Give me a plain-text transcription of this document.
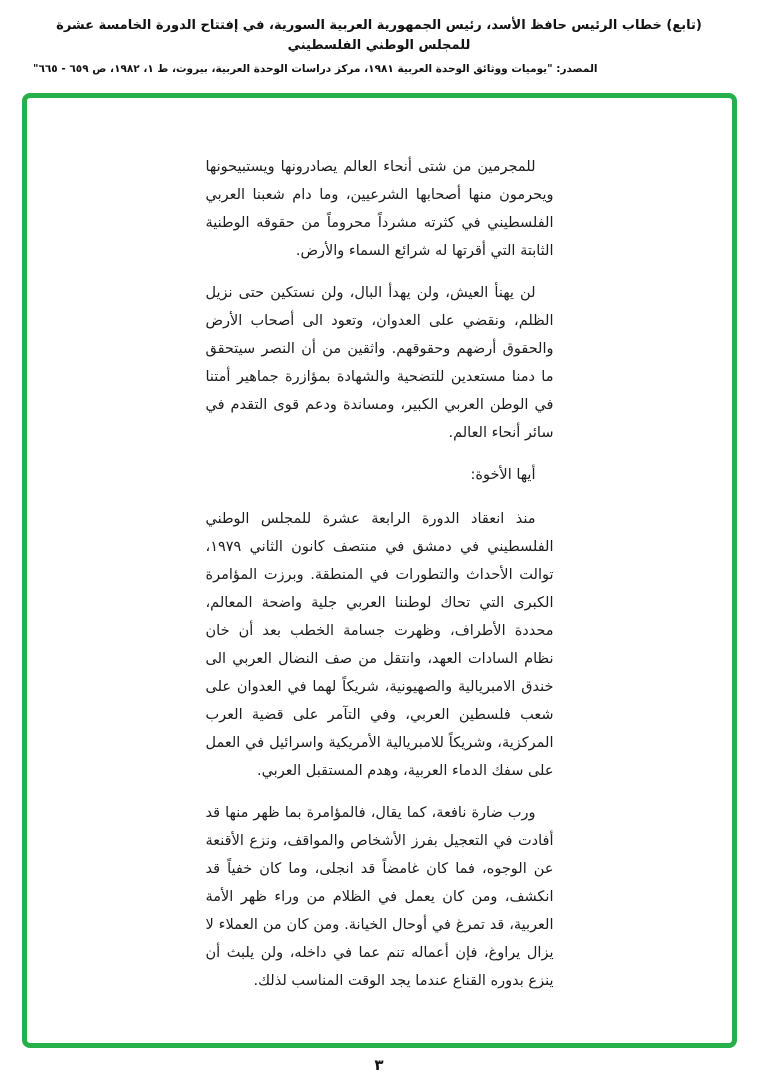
(تابع) خطاب الرئيس حافظ الأسد، رئيس الجمهورية العربية السورية، في إفتتاح الدورة الخامسة عشرة للمجلس الوطني الفلسطيني
المصدر: "يوميات ووثائق الوحدة العربية ١٩٨١، مركز دراسات الوحدة العربية، بيروت، ط ١، ١٩٨٢، ص ٦٥٩ - ٦٦٥"

للمجرمين من شتى أنحاء العالم يصادرونها ويستبيحونها ويحرمون منها أصحابها الشرعيين، وما دام شعبنا العربي الفلسطيني في كثرته مشرداً محروماً من حقوقه الوطنية الثابتة التي أقرتها له شرائع السماء والأرض.

لن يهنأ العيش، ولن يهدأ البال، ولن نستكين حتى نزيل الظلم، ونقضي على العدوان، وتعود الى أصحاب الأرض والحقوق أرضهم وحقوقهم. واثقين من أن النصر سيتحقق ما دمنا مستعدين للتضحية والشهادة بمؤازرة جماهير أمتنا في الوطن العربي الكبير، ومساندة ودعم قوى التقدم في سائر أنحاء العالم.

أيها الأخوة:

منذ انعقاد الدورة الرابعة عشرة للمجلس الوطني الفلسطيني في دمشق في منتصف كانون الثاني ١٩٧٩، توالت الأحداث والتطورات في المنطقة. وبرزت المؤامرة الكبرى التي تحاك لوطننا العربي جلية واضحة المعالم، محددة الأطراف، وظهرت جسامة الخطب بعد أن خان نظام السادات العهد، وانتقل من صف النضال العربي الى خندق الامبريالية والصهيونية، شريكاً لهما في العدوان على شعب فلسطين العربي، وفي التآمر على قضية العرب المركزية، وشريكاً للامبريالية الأمريكية واسرائيل في العمل على سفك الدماء العربية، وهدم المستقبل العربي.

ورب ضارة نافعة، كما يقال، فالمؤامرة بما ظهر منها قد أفادت في التعجيل بفرز الأشخاص والمواقف، ونزع الأقنعة عن الوجوه، فما كان غامضاً قد انجلى، وما كان خفياً قد انكشف، ومن كان يعمل في الظلام من وراء ظهر الأمة العربية، قد تمرغ في أوحال الخيانة. ومن كان من العملاء لا يزال يراوغ، فإن أعماله تنم عما في داخله، ولن يلبث أن ينزع بدوره القناع عندما يجد الوقت المناسب لذلك.

٣
